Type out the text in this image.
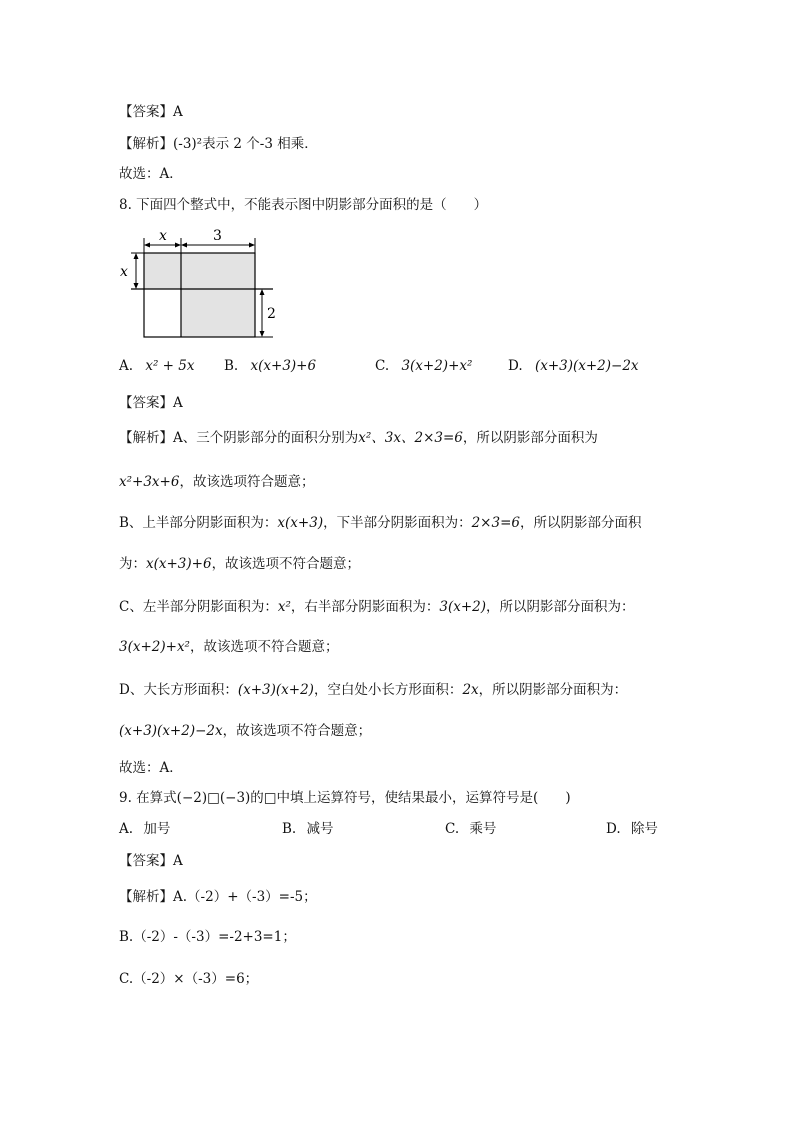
【答案】A
【解析】(-3)²表示 2 个-3 相乘．
故选：A．
8. 下面四个整式中，不能表示图中阴影部分面积的是（　　）
x	3
x
2
A. x² + 5x B. x(x+3)+6	C. 3(x+2)+x²	D. (x+3)(x+2)−2x
【答案】A
【解析】A、三个阴影部分的面积分别为x²、3x、2×3=6，所以阴影部分面积为
x²+3x+6，故该选项符合题意；
B、上半部分阴影面积为：x(x+3)，下半部分阴影面积为：2×3=6，所以阴影部分面积
为：x(x+3)+6，故该选项不符合题意；
C、左半部分阴影面积为：x²，右半部分阴影面积为：3(x+2)，所以阴影部分面积为：
3(x+2)+x²，故该选项不符合题意；
D、大长方形面积：(x+3)(x+2)，空白处小长方形面积：2x，所以阴影部分面积为：
(x+3)(x+2)−2x，故该选项不符合题意；
故选：A．
9. 在算式(−2)□(−3)的□中填上运算符号，使结果最小，运算符号是(　　)
A. 加号	B. 减号	C. 乘号	D. 除号
【答案】A
【解析】A.（-2）+（-3）=-5；
B.（-2）-（-3）=-2+3=1；
C.（-2）×（-3）=6；
